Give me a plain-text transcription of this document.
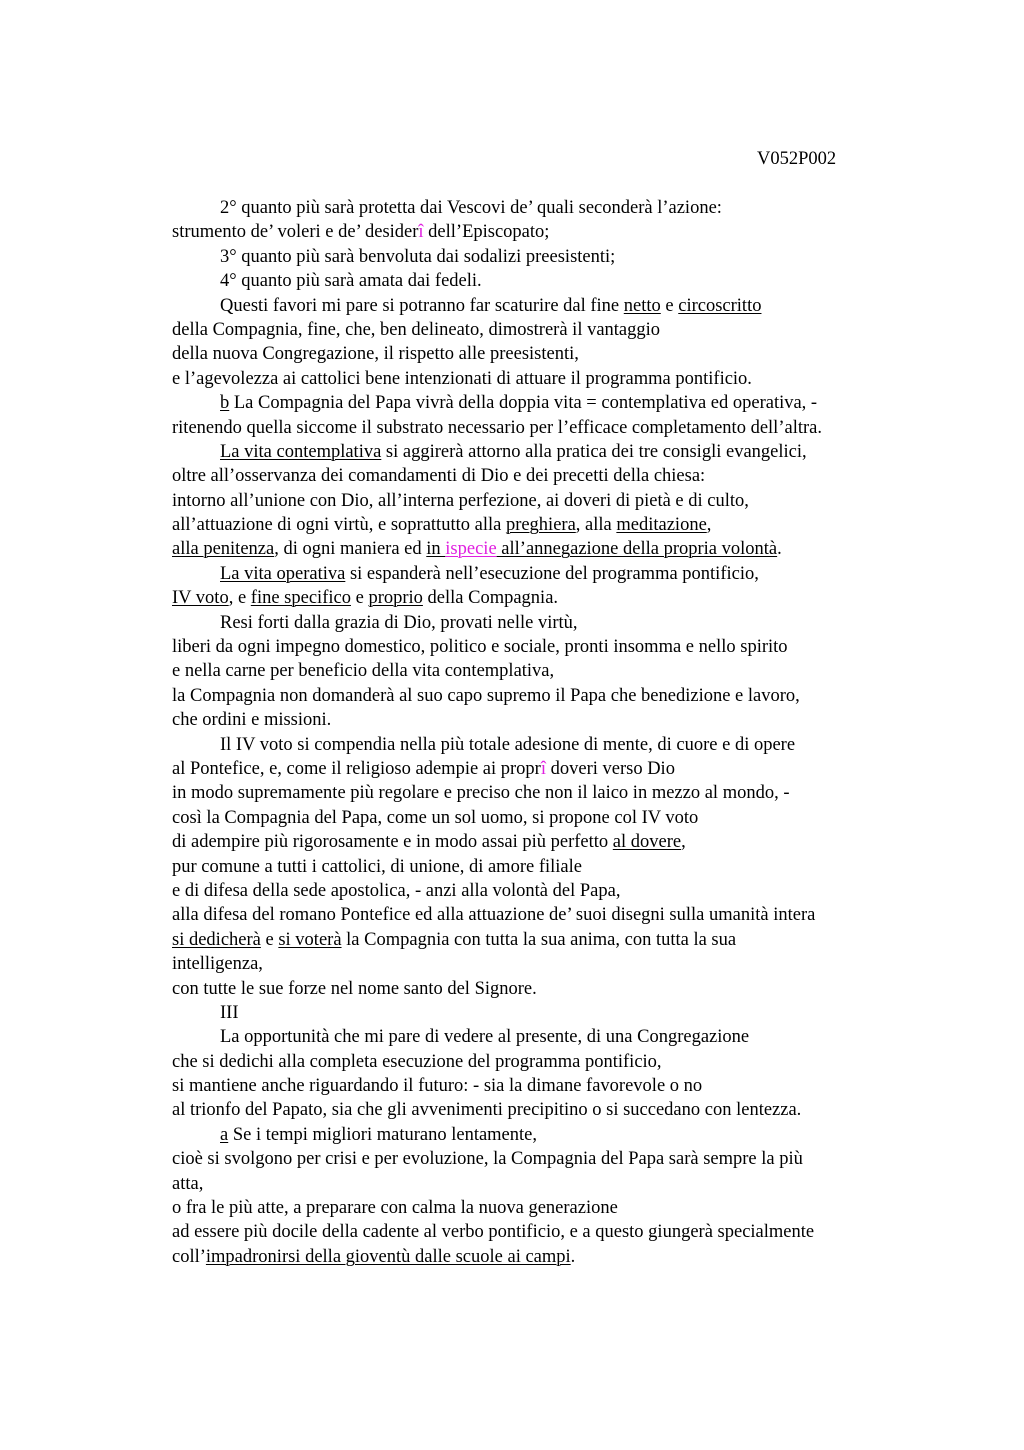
V052P002
2° quanto più sarà protetta dai Vescovi de’ quali seconderà l’azione:
strumento de’ voleri e de’ desiderî dell’Episcopato;
3° quanto più sarà benvoluta dai sodalizi preesistenti;
4° quanto più sarà amata dai fedeli.
Questi favori mi pare si potranno far scaturire dal fine netto e circoscritto
della Compagnia, fine, che, ben delineato, dimostrerà il vantaggio
della nuova Congregazione, il rispetto alle preesistenti,
e l’agevolezza ai cattolici bene intenzionati di attuare il programma pontificio.
b La Compagnia del Papa vivrà della doppia vita = contemplativa ed operativa, -
ritenendo quella siccome il substrato necessario per l’efficace completamento dell’altra.
La vita contemplativa si aggirerà attorno alla pratica dei tre consigli evangelici,
oltre all’osservanza dei comandamenti di Dio e dei precetti della chiesa:
intorno all’unione con Dio, all’interna perfezione, ai doveri di pietà e di culto,
all’attuazione di ogni virtù, e soprattutto alla preghiera, alla meditazione,
alla penitenza, di ogni maniera ed in ispecie all’annegazione della propria volontà.
La vita operativa si espanderà nell’esecuzione del programma pontificio,
IV voto, e fine specifico e proprio della Compagnia.
Resi forti dalla grazia di Dio, provati nelle virtù,
liberi da ogni impegno domestico, politico e sociale, pronti insomma e nello spirito
e nella carne per beneficio della vita contemplativa,
la Compagnia non domanderà al suo capo supremo il Papa che benedizione e lavoro,
che ordini e missioni.
Il IV voto si compendia nella più totale adesione di mente, di cuore e di opere
al Pontefice, e, come il religioso adempie ai proprî doveri verso Dio
in modo supremamente più regolare e preciso che non il laico in mezzo al mondo, -
così la Compagnia del Papa, come un sol uomo, si propone col IV voto
di adempire più rigorosamente e in modo assai più perfetto al dovere,
pur comune a tutti i cattolici, di unione, di amore filiale
e di difesa della sede apostolica, - anzi alla volontà del Papa,
alla difesa del romano Pontefice ed alla attuazione de’ suoi disegni sulla umanità intera
si dedicherà e si voterà la Compagnia con tutta la sua anima, con tutta la sua
intelligenza,
con tutte le sue forze nel nome santo del Signore.
III
La opportunità che mi pare di vedere al presente, di una Congregazione
che si dedichi alla completa esecuzione del programma pontificio,
si mantiene anche riguardando il futuro: - sia la dimane favorevole o no
al trionfo del Papato, sia che gli avvenimenti precipitino o si succedano con lentezza.
a Se i tempi migliori maturano lentamente,
cioè si svolgono per crisi e per evoluzione, la Compagnia del Papa sarà sempre la più
atta,
o fra le più atte, a preparare con calma la nuova generazione
ad essere più docile della cadente al verbo pontificio, e a questo giungerà specialmente
coll’impadronirsi della gioventù dalle scuole ai campi.
